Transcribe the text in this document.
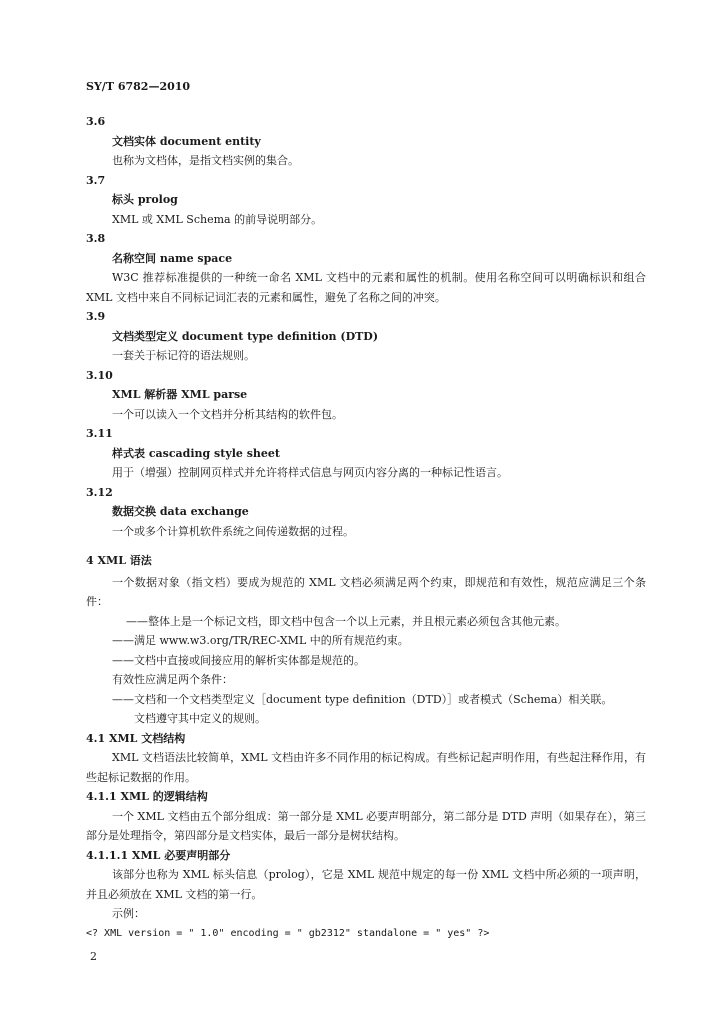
SY/T 6782—2010
3.6
文档实体 document entity
也称为文档体，是指文档实例的集合。
3.7
标头 prolog
XML 或 XML Schema 的前导说明部分。
3.8
名称空间 name space
W3C 推荐标准提供的一种统一命名 XML 文档中的元素和属性的机制。使用名称空间可以明确标识和组合 XML 文档中来自不同标记词汇表的元素和属性，避免了名称之间的冲突。
3.9
文档类型定义 document type definition (DTD)
一套关于标记符的语法规则。
3.10
XML 解析器 XML parse
一个可以读入一个文档并分析其结构的软件包。
3.11
样式表 cascading style sheet
用于（增强）控制网页样式并允许将样式信息与网页内容分离的一种标记性语言。
3.12
数据交换 data exchange
一个或多个计算机软件系统之间传递数据的过程。
4 XML 语法
一个数据对象（指文档）要成为规范的 XML 文档必须满足两个约束，即规范和有效性，规范应满足三个条件：
——整体上是一个标记文档，即文档中包含一个以上元素，并且根元素必须包含其他元素。
——满足 www.w3.org/TR/REC-XML 中的所有规范约束。
——文档中直接或间接应用的解析实体都是规范的。
有效性应满足两个条件：
——文档和一个文档类型定义［document type definition（DTD）］或者模式（Schema）相关联。
文档遵守其中定义的规则。
4.1 XML 文档结构
XML 文档语法比较简单，XML 文档由许多不同作用的标记构成。有些标记起声明作用，有些起注释作用，有些起标记数据的作用。
4.1.1 XML 的逻辑结构
一个 XML 文档由五个部分组成：第一部分是 XML 必要声明部分，第二部分是 DTD 声明（如果存在），第三部分是处理指令，第四部分是文档实体，最后一部分是树状结构。
4.1.1.1 XML 必要声明部分
该部分也称为 XML 标头信息（prolog），它是 XML 规范中规定的每一份 XML 文档中所必须的一项声明，并且必须放在 XML 文档的第一行。
示例：
<? XML version = " 1.0" encoding = " gb2312" standalone = " yes" ?>
2
